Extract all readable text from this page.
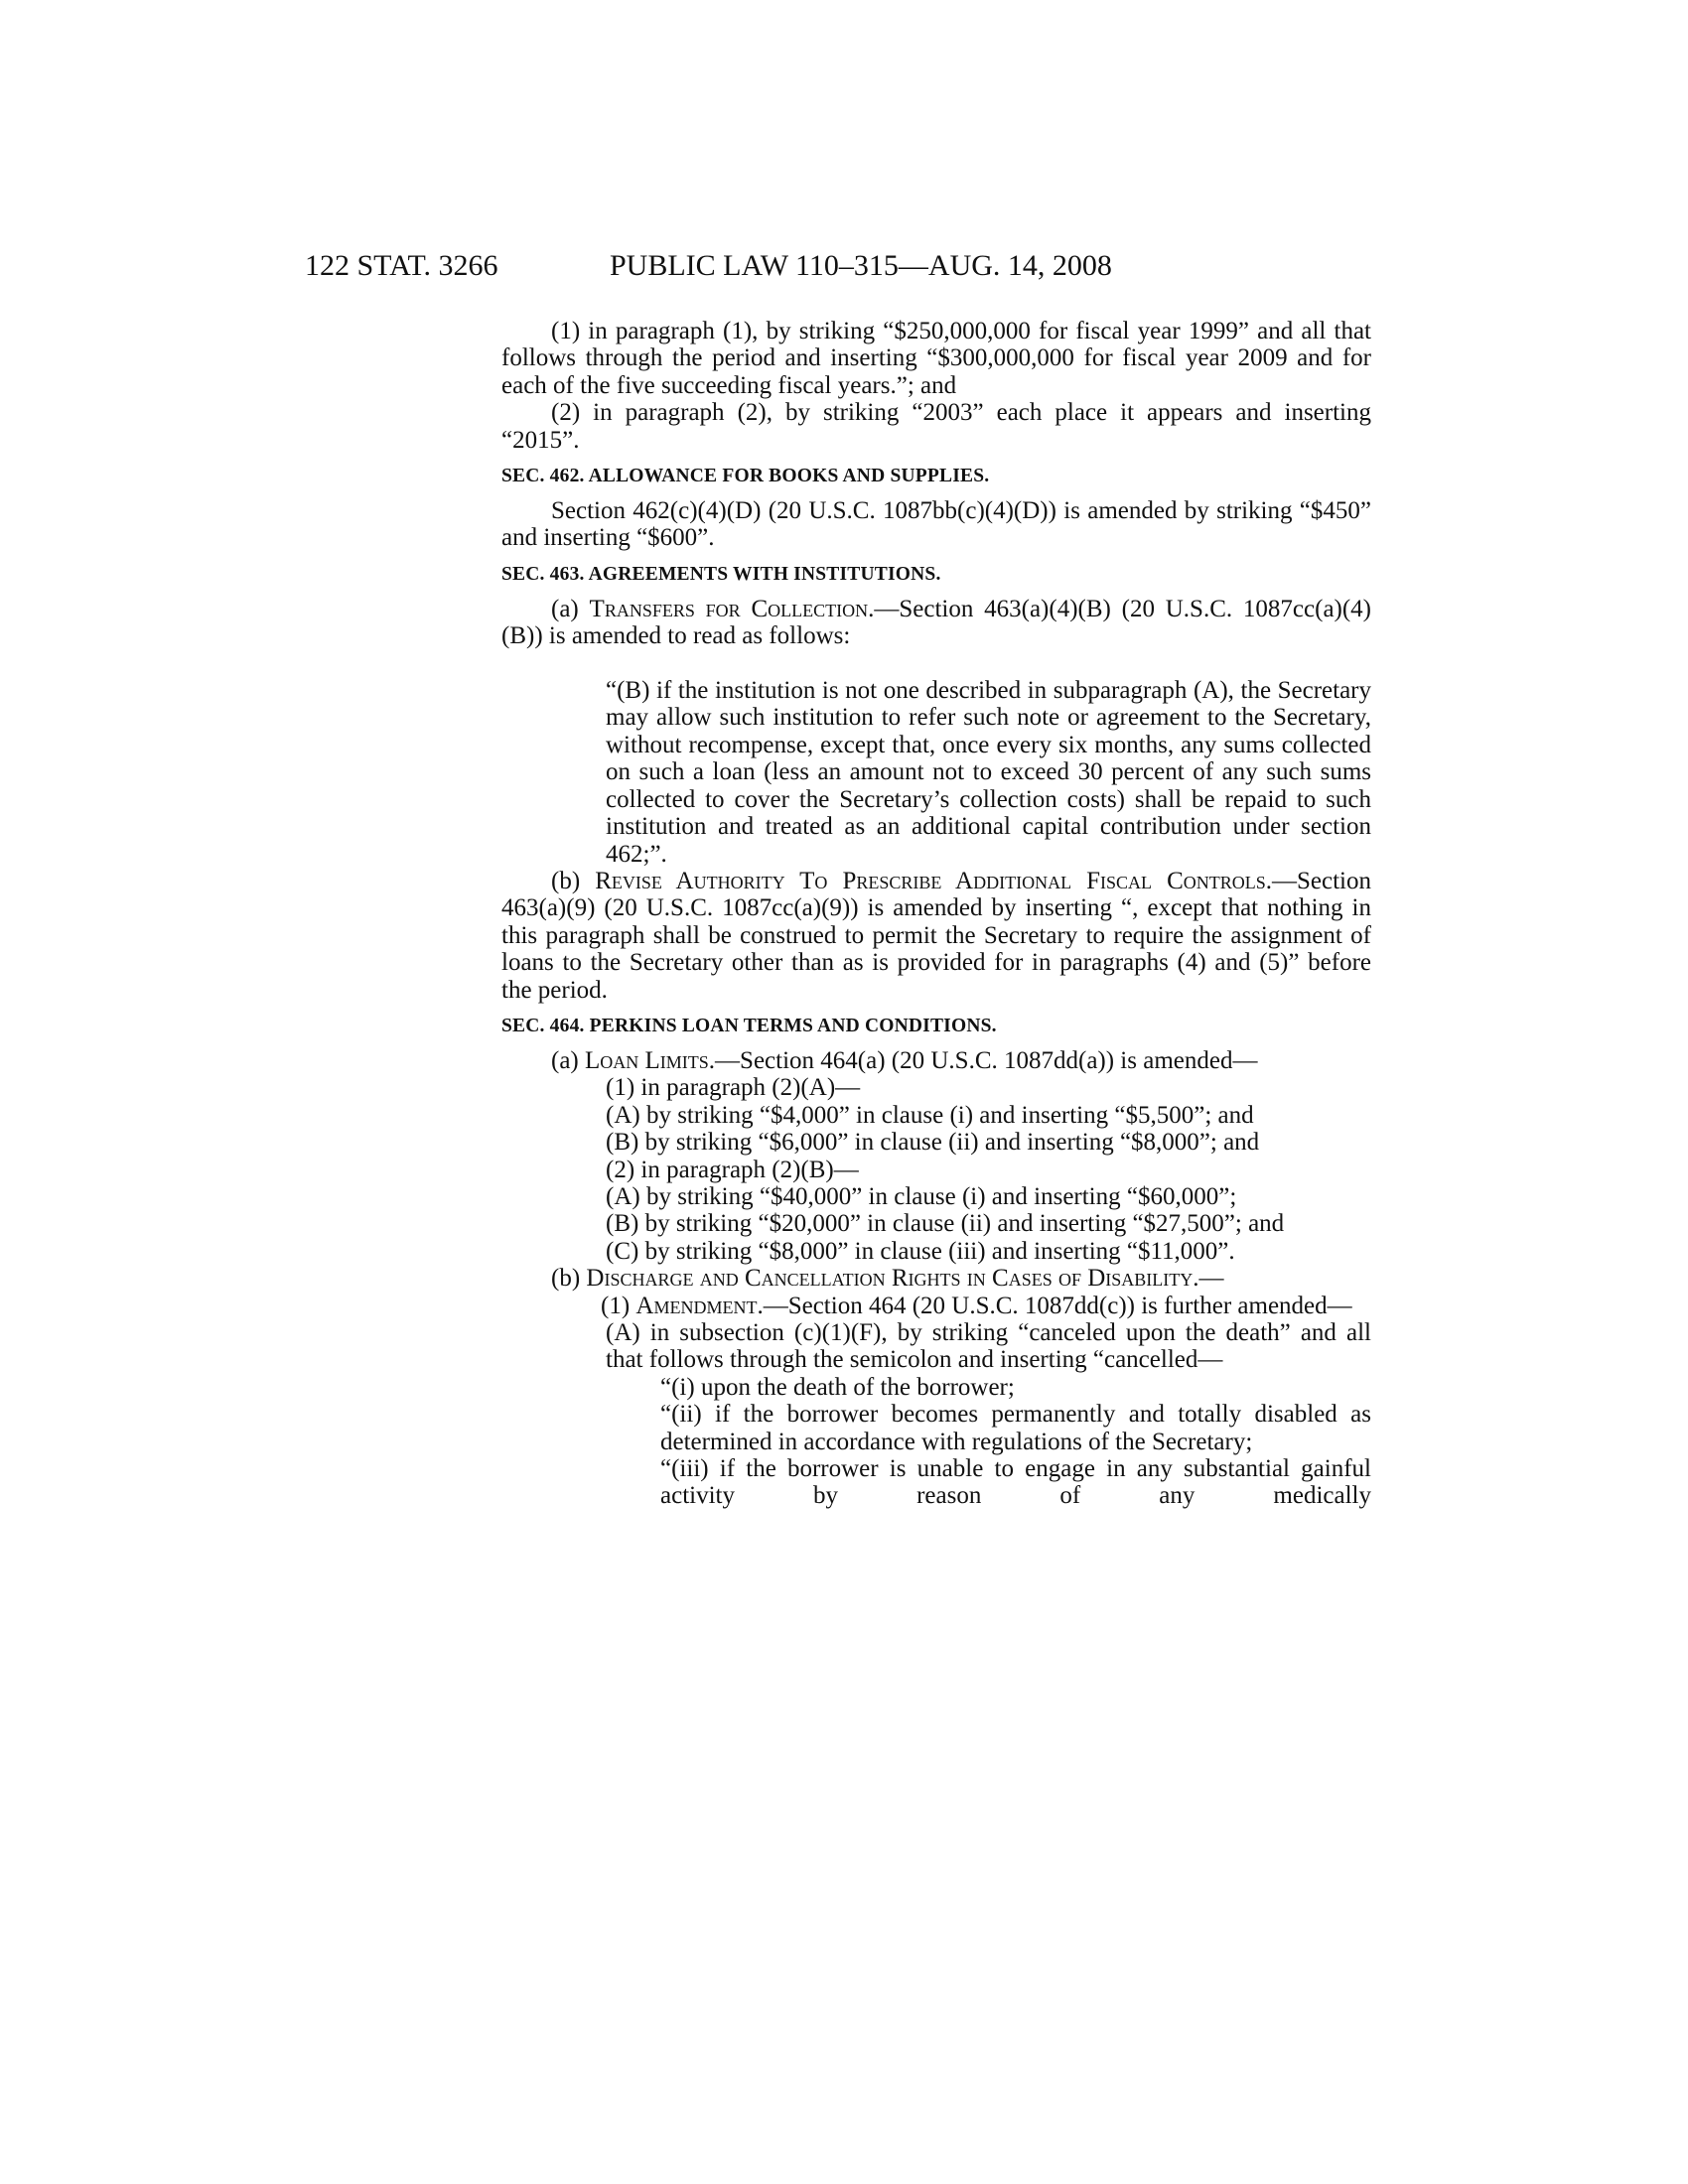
122 STAT. 3266	PUBLIC LAW 110–315—AUG. 14, 2008

(1) in paragraph (1), by striking “$250,000,000 for fiscal year 1999” and all that follows through the period and inserting “$300,000,000 for fiscal year 2009 and for each of the five succeeding fiscal years.”; and

(2) in paragraph (2), by striking “2003” each place it appears and inserting “2015”.

SEC. 462. ALLOWANCE FOR BOOKS AND SUPPLIES.

Section 462(c)(4)(D) (20 U.S.C. 1087bb(c)(4)(D)) is amended by striking “$450” and inserting “$600”.

SEC. 463. AGREEMENTS WITH INSTITUTIONS.

(a) Transfers for Collection.—Section 463(a)(4)(B) (20 U.S.C. 1087cc(a)(4)(B)) is amended to read as follows:

“(B) if the institution is not one described in subparagraph (A), the Secretary may allow such institution to refer such note or agreement to the Secretary, without recompense, except that, once every six months, any sums collected on such a loan (less an amount not to exceed 30 percent of any such sums collected to cover the Secretary’s collection costs) shall be repaid to such institution and treated as an additional capital contribution under section 462;”.

(b) Revise Authority To Prescribe Additional Fiscal Controls.—Section 463(a)(9) (20 U.S.C. 1087cc(a)(9)) is amended by inserting “, except that nothing in this paragraph shall be construed to permit the Secretary to require the assignment of loans to the Secretary other than as is provided for in paragraphs (4) and (5)” before the period.

SEC. 464. PERKINS LOAN TERMS AND CONDITIONS.

(a) Loan Limits.—Section 464(a) (20 U.S.C. 1087dd(a)) is amended—

(1) in paragraph (2)(A)—

(A) by striking “$4,000” in clause (i) and inserting “$5,500”; and

(B) by striking “$6,000” in clause (ii) and inserting “$8,000”; and

(2) in paragraph (2)(B)—

(A) by striking “$40,000” in clause (i) and inserting “$60,000”;

(B) by striking “$20,000” in clause (ii) and inserting “$27,500”; and

(C) by striking “$8,000” in clause (iii) and inserting “$11,000”.

(b) Discharge and Cancellation Rights in Cases of Disability.—

(1) Amendment.—Section 464 (20 U.S.C. 1087dd(c)) is further amended—

(A) in subsection (c)(1)(F), by striking “canceled upon the death” and all that follows through the semicolon and inserting “cancelled—

“(i) upon the death of the borrower;

“(ii) if the borrower becomes permanently and totally disabled as determined in accordance with regulations of the Secretary;

“(iii) if the borrower is unable to engage in any substantial gainful activity by reason of any medically
